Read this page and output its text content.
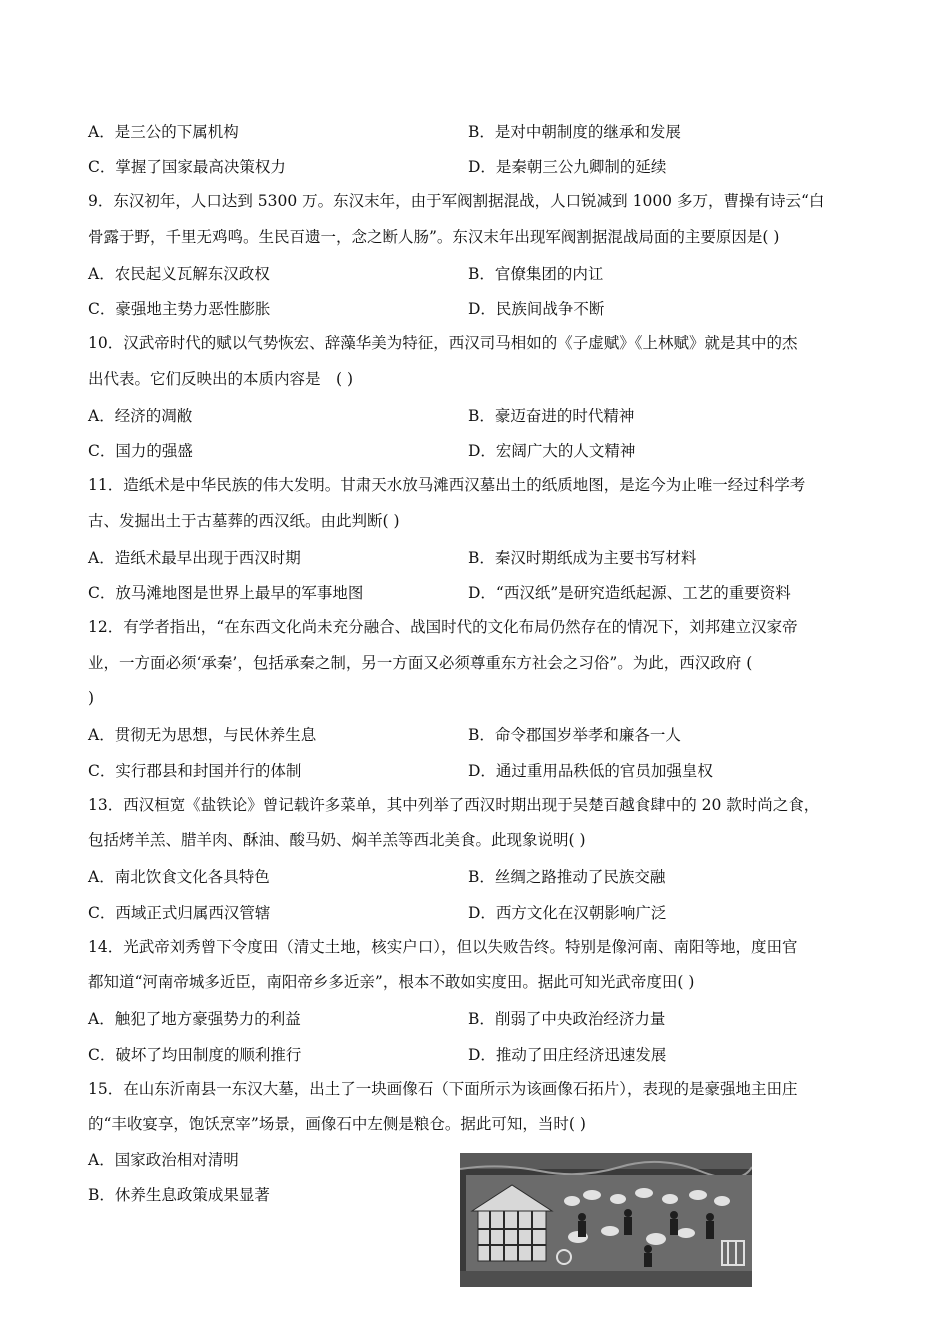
A．是三公的下属机构	B．是对中朝制度的继承和发展
C．掌握了国家最高决策权力	D．是秦朝三公九卿制的延续
9．东汉初年，人口达到 5300 万。东汉末年，由于军阀割据混战，人口锐减到 1000 多万，曹操有诗云“白
骨露于野，千里无鸡鸣。生民百遗一，念之断人肠”。东汉末年出现军阀割据混战局面的主要原因是( )
A．农民起义瓦解东汉政权	B．官僚集团的内讧
C．豪强地主势力恶性膨胀	D．民族间战争不断
10．汉武帝时代的赋以气势恢宏、辞藻华美为特征，西汉司马相如的《子虚赋》《上林赋》就是其中的杰
出代表。它们反映出的本质内容是　( )
A．经济的凋敝	B．豪迈奋进的时代精神
C．国力的强盛	D．宏阔广大的人文精神
11．造纸术是中华民族的伟大发明。甘肃天水放马滩西汉墓出土的纸质地图，是迄今为止唯一经过科学考
古、发掘出土于古墓葬的西汉纸。由此判断( )
A．造纸术最早出现于西汉时期	B．秦汉时期纸成为主要书写材料
C．放马滩地图是世界上最早的军事地图	D．“西汉纸”是研究造纸起源、工艺的重要资料
12．有学者指出，“在东西文化尚未充分融合、战国时代的文化布局仍然存在的情况下，刘邦建立汉家帝
业，一方面必须‘承秦’，包括承秦之制，另一方面又必须尊重东方社会之习俗”。为此，西汉政府 (
)
A．贯彻无为思想，与民休养生息	B．命令郡国岁举孝和廉各一人
C．实行郡县和封国并行的体制	D．通过重用品秩低的官员加强皇权
13．西汉桓宽《盐铁论》曾记载许多菜单，其中列举了西汉时期出现于吴楚百越食肆中的 20 款时尚之食，
包括烤羊羔、腊羊肉、酥油、酸马奶、焖羊羔等西北美食。此现象说明( )
A．南北饮食文化各具特色	B．丝绸之路推动了民族交融
C．西域正式归属西汉管辖	D．西方文化在汉朝影响广泛
14．光武帝刘秀曾下令度田（清丈土地，核实户口），但以失败告终。特别是像河南、南阳等地，度田官
都知道“河南帝城多近臣，南阳帝乡多近亲”，根本不敢如实度田。据此可知光武帝度田( )
A．触犯了地方豪强势力的利益	B．削弱了中央政治经济力量
C．破坏了均田制度的顺利推行	D．推动了田庄经济迅速发展
15．在山东沂南县一东汉大墓，出土了一块画像石（下面所示为该画像石拓片），表现的是豪强地主田庄
的“丰收宴享，饱饫烹宰”场景，画像石中左侧是粮仓。据此可知，当时( )
A．国家政治相对清明
B．休养生息政策成果显著
